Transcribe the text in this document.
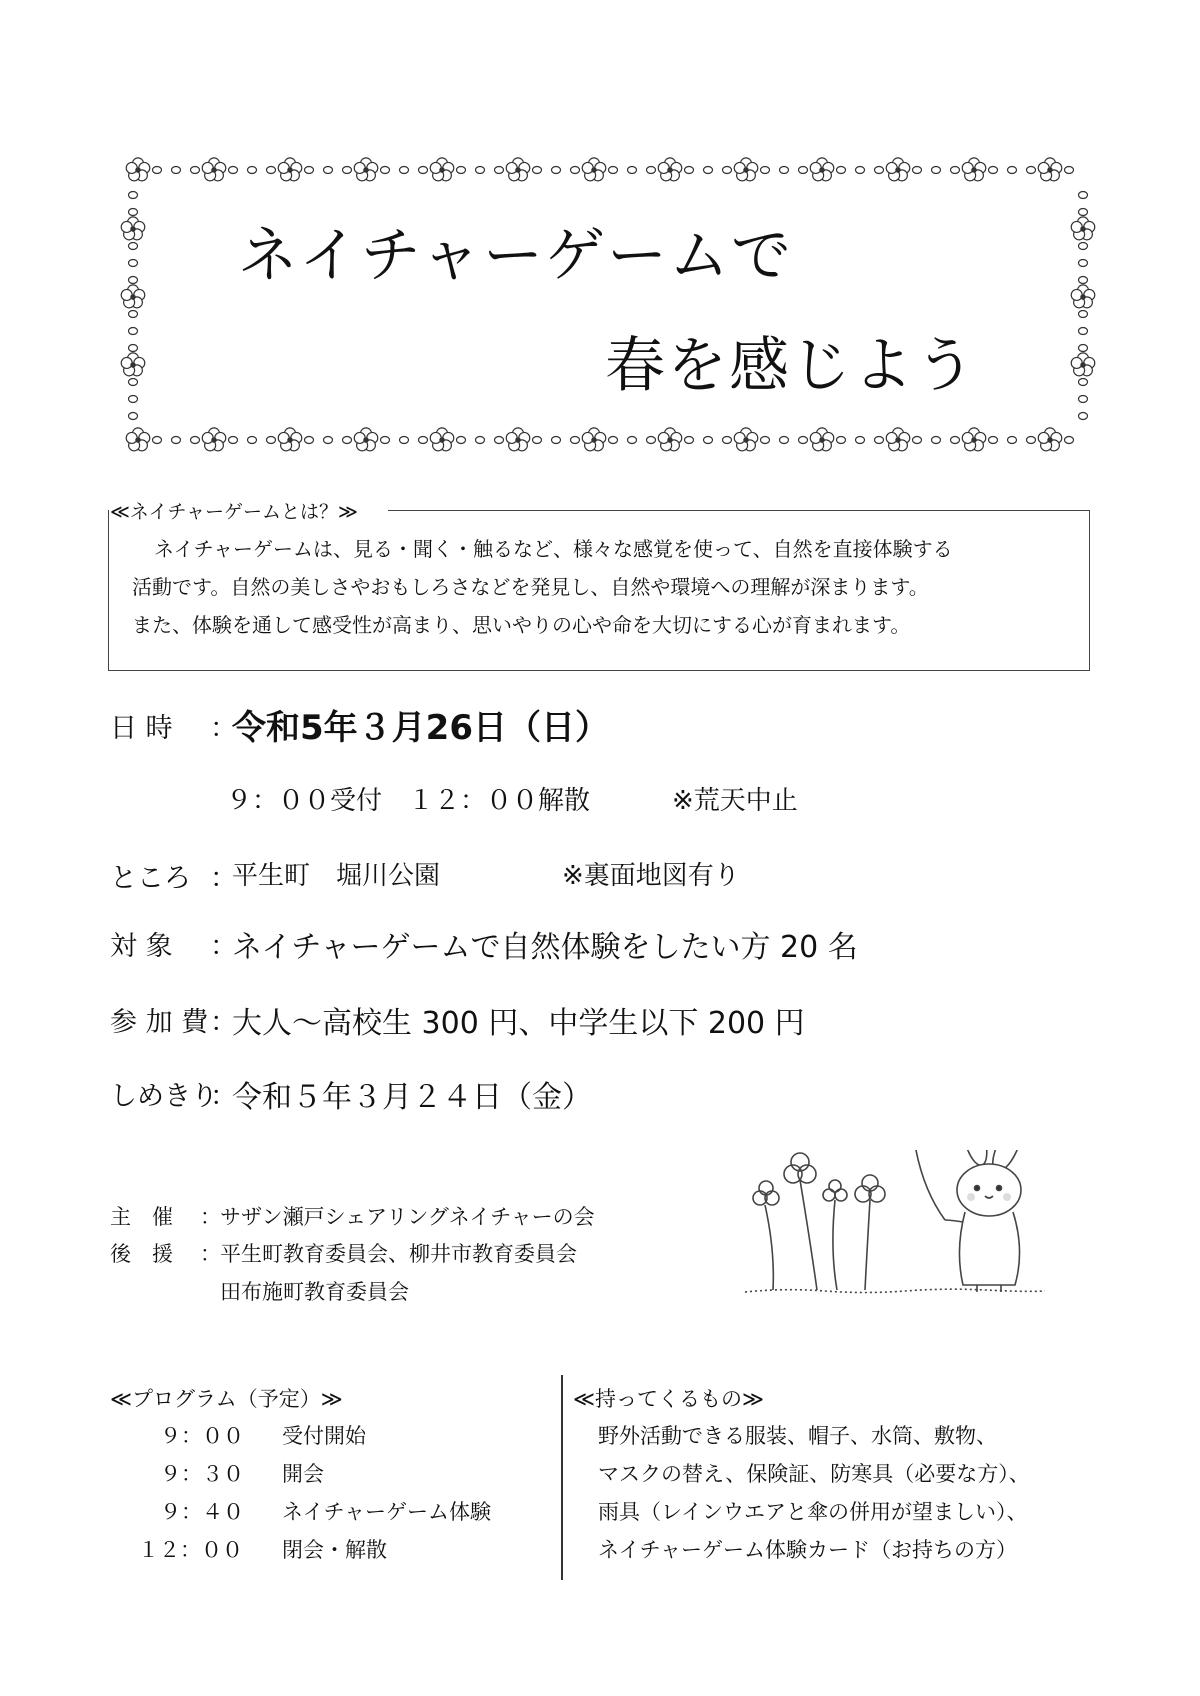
ネイチャーゲームで
春を感じよう
≪ネイチャーゲームとは？≫
ネイチャーゲームは、見る・聞く・触るなど、様々な感覚を使って、自然を直接体験する
活動です。自然の美しさやおもしろさなどを発見し、自然や環境への理解が深まります。
また、体験を通して感受性が高まり、思いやりの心や命を大切にする心が育まれます。
日 時 ：
令和5年３月26日（日）
９：００受付　１２：００解散	※荒天中止
ところ ：
平生町　堀川公園	※裏面地図有り
対 象 ：
ネイチャーゲームで自然体験をしたい方 20 名
参 加 費 ：
大人～高校生 300 円、中学生以下 200 円
しめきり
：
令和５年３月２４日（金）
主　催 ： サザン瀬戸シェアリングネイチャーの会
後　援 ： 平生町教育委員会、柳井市教育委員会
田布施町教育委員会
≪プログラム（予定）≫
９：００ 受付開始
９：３０ 開会
９：４０ ネイチャーゲーム体験
１２：００ 閉会・解散
≪持ってくるもの≫
野外活動できる服装、帽子、水筒、敷物、
マスクの替え、保険証、防寒具（必要な方）、
雨具（レインウエアと傘の併用が望ましい）、
ネイチャーゲーム体験カード（お持ちの方）
